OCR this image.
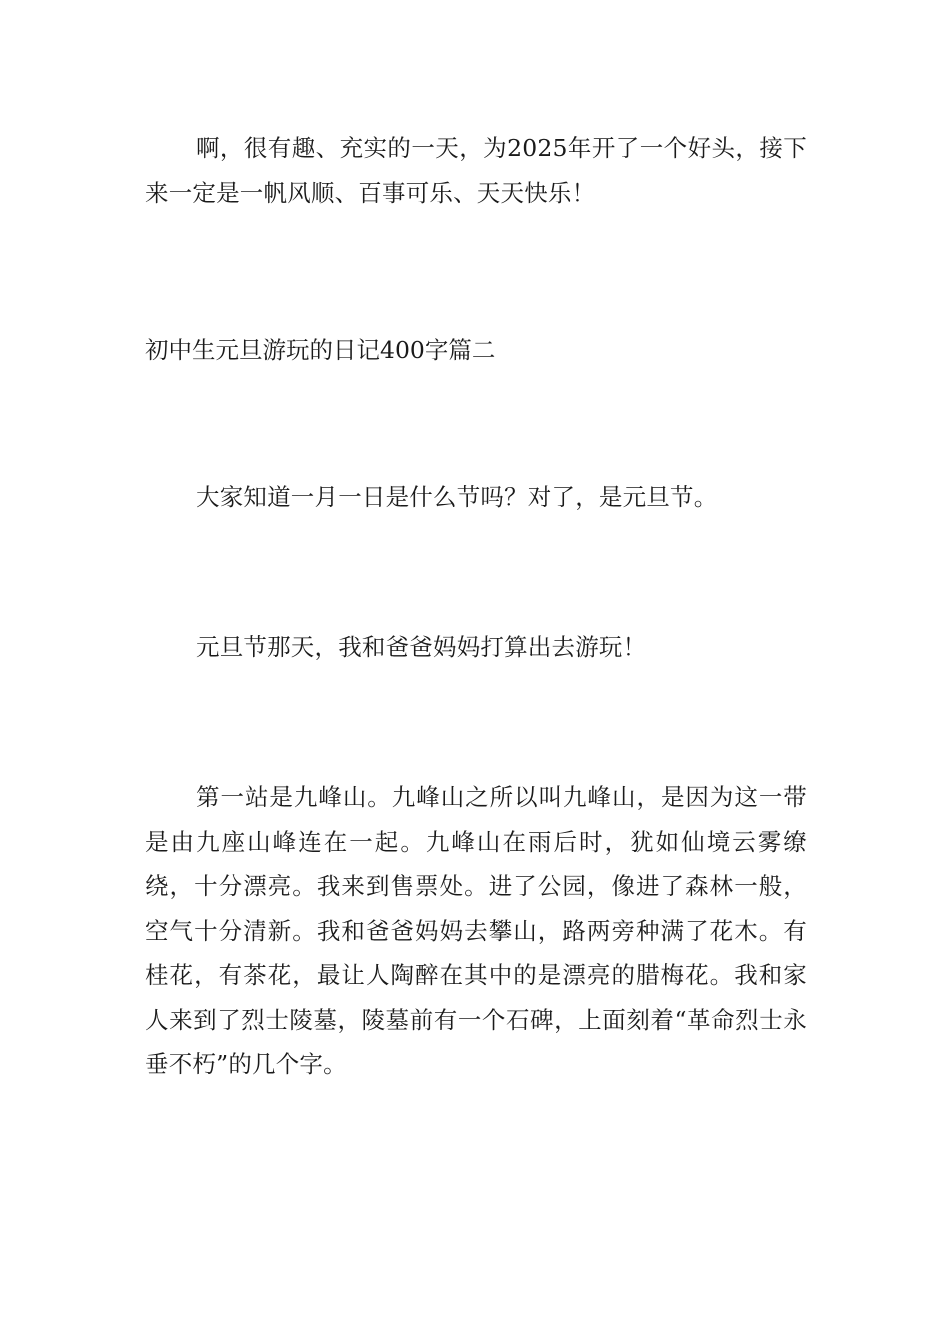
啊，很有趣、充实的一天，为2025年开了一个好头，接下来一定是一帆风顺、百事可乐、天天快乐！

初中生元旦游玩的日记400字篇二

大家知道一月一日是什么节吗？对了，是元旦节。

元旦节那天，我和爸爸妈妈打算出去游玩！

第一站是九峰山。九峰山之所以叫九峰山，是因为这一带是由九座山峰连在一起。九峰山在雨后时，犹如仙境云雾缭绕，十分漂亮。我来到售票处。进了公园，像进了森林一般，空气十分清新。我和爸爸妈妈去攀山，路两旁种满了花木。有桂花，有茶花，最让人陶醉在其中的是漂亮的腊梅花。我和家人来到了烈士陵墓，陵墓前有一个石碑，上面刻着“革命烈士永垂不朽”的几个字。
